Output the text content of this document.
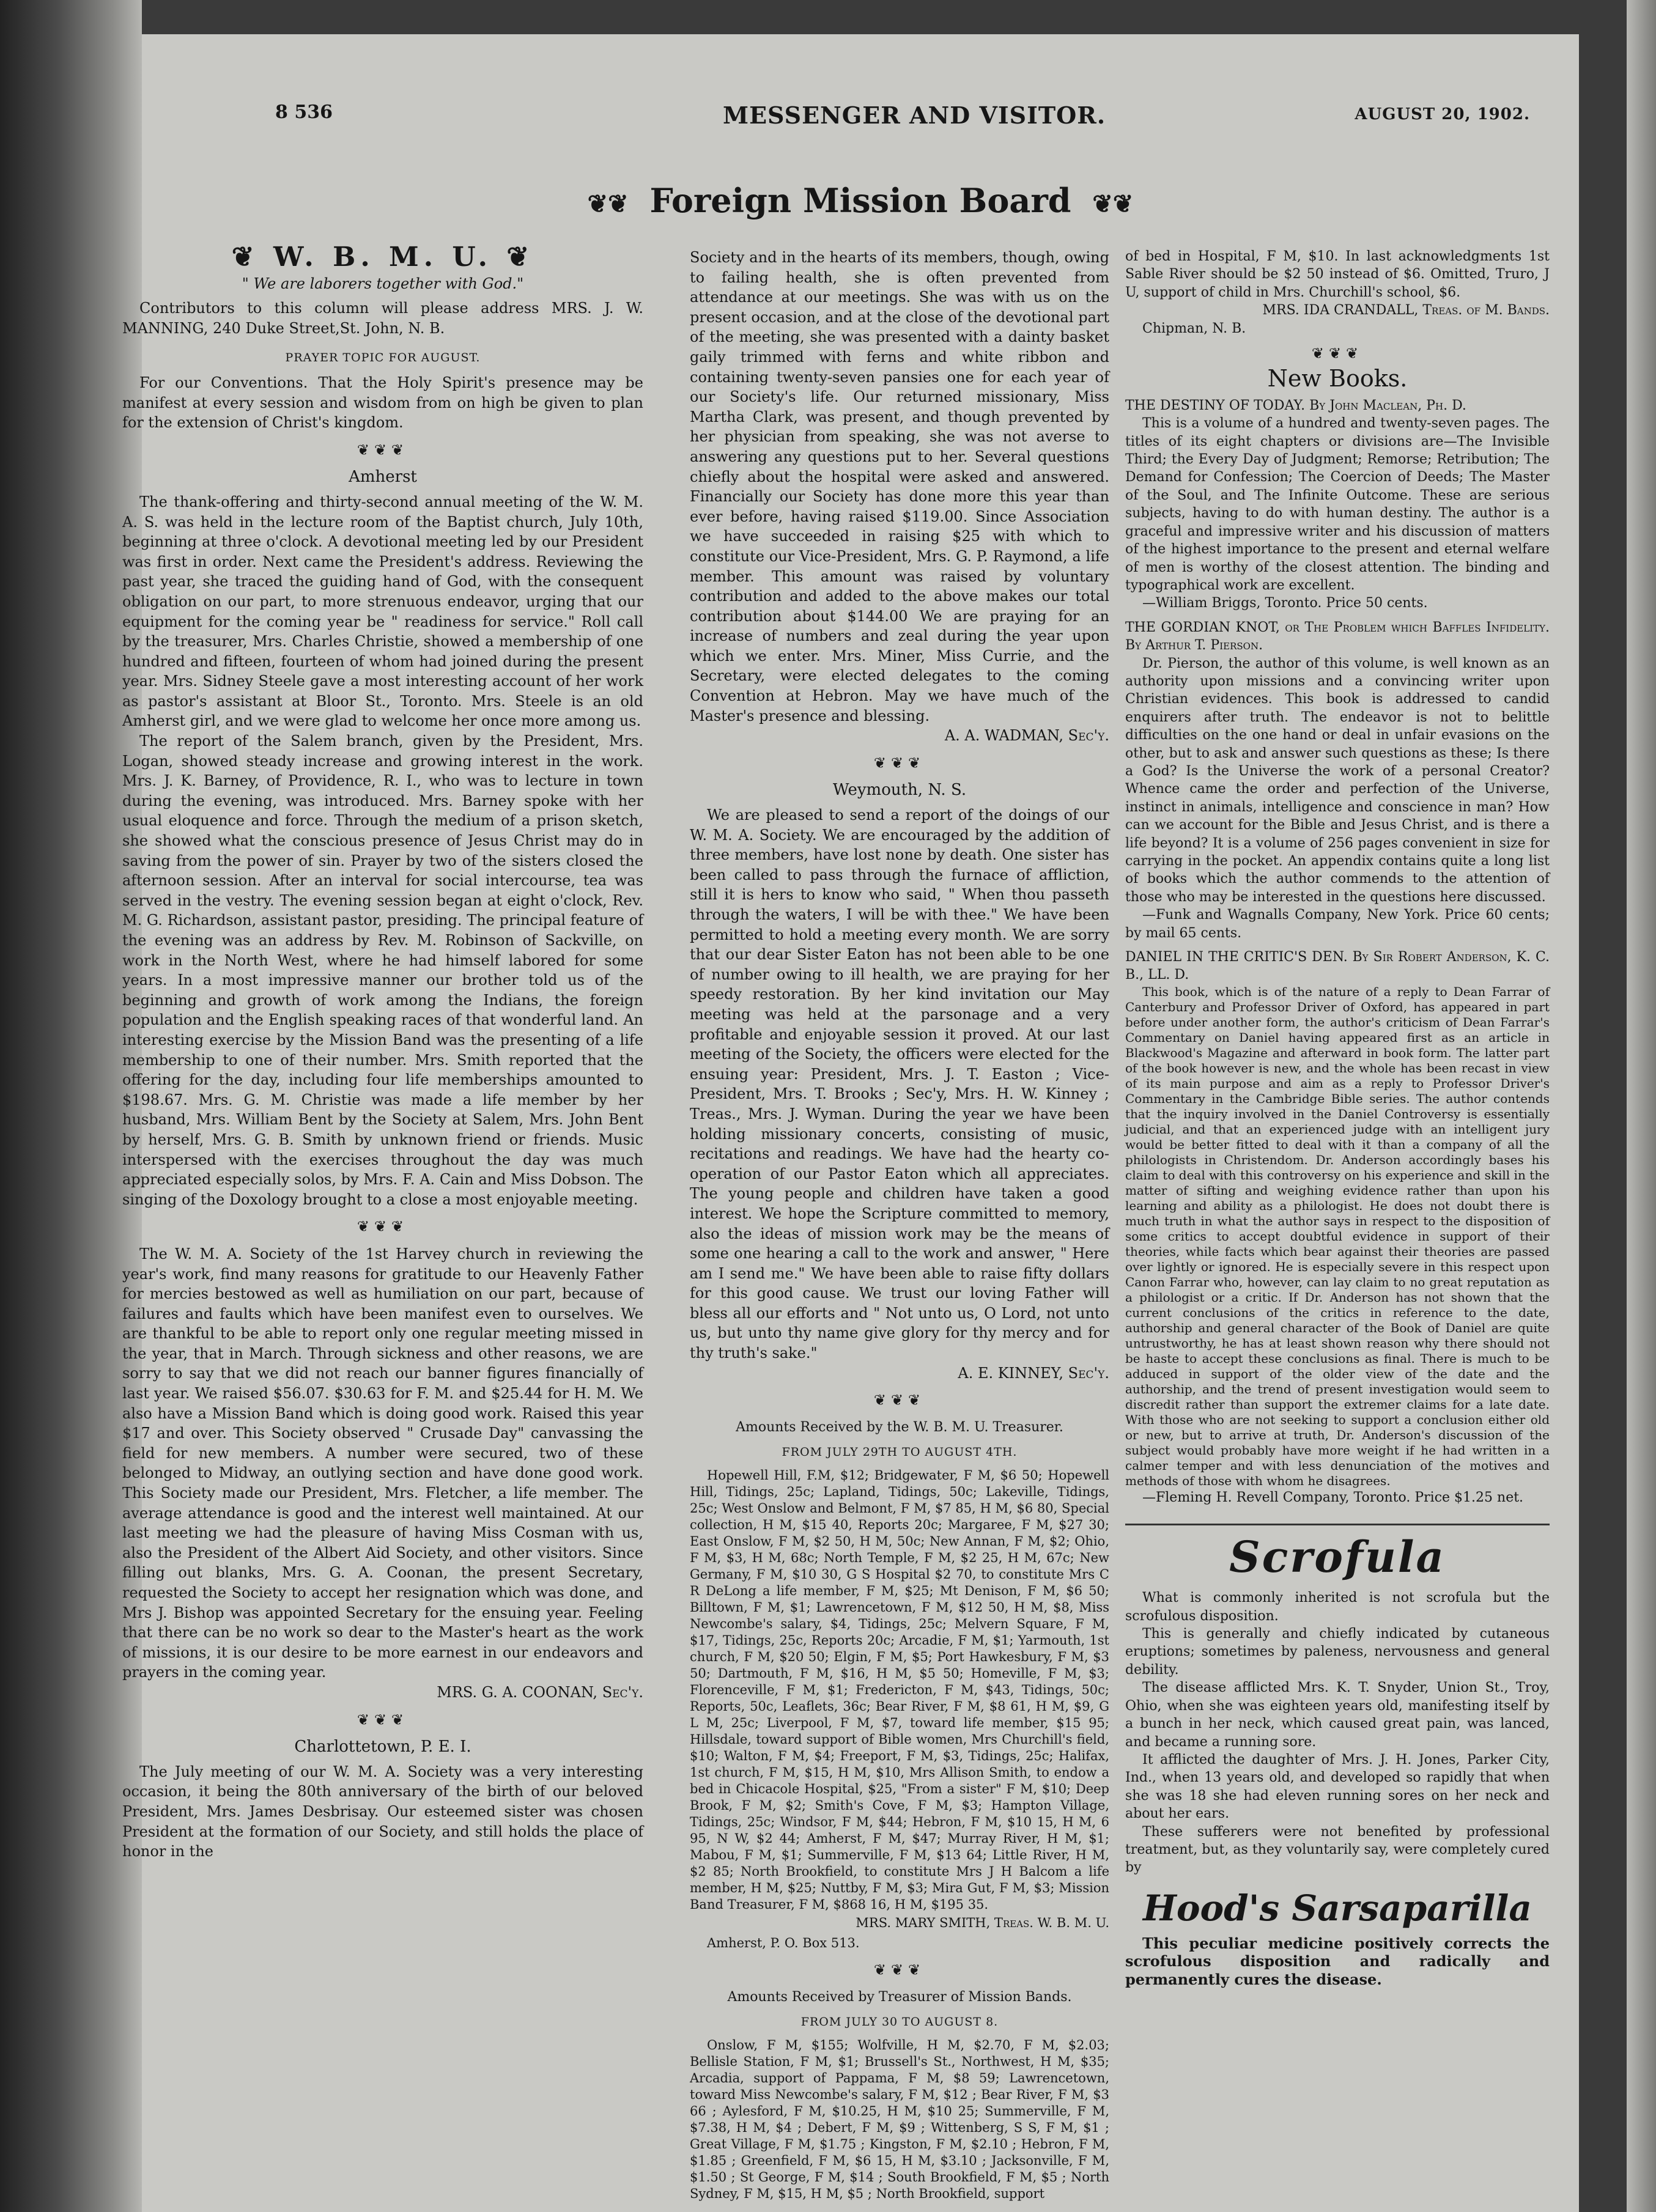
8 536	MESSENGER AND VISITOR.	AUGUST 20, 1902.
❦❦ Foreign Mission Board ❦❦
❦ W. B. M. U. ❦
" We are laborers together with God."

Contributors to this column will please address MRS. J. W. MANNING, 240 Duke Street,St. John, N. B.

PRAYER TOPIC FOR AUGUST.

For our Conventions. That the Holy Spirit's presence may be manifest at every session and wisdom from on high be given to plan for the extension of Christ's kingdom.

❦❦❦
Amherst

The thank-offering and thirty-second annual meeting of the W. M. A. S. was held in the lecture room of the Baptist church, July 10th, beginning at three o'clock. A devotional meeting led by our President was first in order. Next came the President's address. Reviewing the past year, she traced the guiding hand of God, with the consequent obligation on our part, to more strenuous endeavor, urging that our equipment for the coming year be " readiness for service." Roll call by the treasurer, Mrs. Charles Christie, showed a membership of one hundred and fifteen, fourteen of whom had joined during the present year. Mrs. Sidney Steele gave a most interesting account of her work as pastor's assistant at Bloor St., Toronto. Mrs. Steele is an old Amherst girl, and we were glad to welcome her once more among us.

The report of the Salem branch, given by the President, Mrs. Logan, showed steady increase and growing interest in the work. Mrs. J. K. Barney, of Providence, R. I., who was to lecture in town during the evening, was introduced. Mrs. Barney spoke with her usual eloquence and force. Through the medium of a prison sketch, she showed what the conscious presence of Jesus Christ may do in saving from the power of sin. Prayer by two of the sisters closed the afternoon session. After an interval for social intercourse, tea was served in the vestry. The evening session began at eight o'clock, Rev. M. G. Richardson, assistant pastor, presiding. The principal feature of the evening was an address by Rev. M. Robinson of Sackville, on work in the North West, where he had himself labored for some years. In a most impressive manner our brother told us of the beginning and growth of work among the Indians, the foreign population and the English speaking races of that wonderful land. An interesting exercise by the Mission Band was the presenting of a life membership to one of their number. Mrs. Smith reported that the offering for the day, including four life memberships amounted to $198.67. Mrs. G. M. Christie was made a life member by her husband, Mrs. William Bent by the Society at Salem, Mrs. John Bent by herself, Mrs. G. B. Smith by unknown friend or friends. Music interspersed with the exercises throughout the day was much appreciated especially solos, by Mrs. F. A. Cain and Miss Dobson. The singing of the Doxology brought to a close a most enjoyable meeting.

❦❦❦

The W. M. A. Society of the 1st Harvey church in reviewing the year's work, find many reasons for gratitude to our Heavenly Father for mercies bestowed as well as humiliation on our part, because of failures and faults which have been manifest even to ourselves. We are thankful to be able to report only one regular meeting missed in the year, that in March. Through sickness and other reasons, we are sorry to say that we did not reach our banner figures financially of last year. We raised $56.07. $30.63 for F. M. and $25.44 for H. M. We also have a Mission Band which is doing good work. Raised this year $17 and over. This Society observed " Crusade Day" canvassing the field for new members. A number were secured, two of these belonged to Midway, an outlying section and have done good work. This Society made our President, Mrs. Fletcher, a life member. The average attendance is good and the interest well maintained. At our last meeting we had the pleasure of having Miss Cosman with us, also the President of the Albert Aid Society, and other visitors. Since filling out blanks, Mrs. G. A. Coonan, the present Secretary, requested the Society to accept her resignation which was done, and Mrs J. Bishop was appointed Secretary for the ensuing year. Feeling that there can be no work so dear to the Master's heart as the work of missions, it is our desire to be more earnest in our endeavors and prayers in the coming year.

MRS. G. A. COONAN, Sec'y.

❦❦❦
Charlottetown, P. E. I.

The July meeting of our W. M. A. Society was a very interesting occasion, it being the 80th anniversary of the birth of our beloved President, Mrs. James Desbrisay. Our esteemed sister was chosen President at the formation of our Society, and still holds the place of honor in the

Society and in the hearts of its members, though, owing to failing health, she is often prevented from attendance at our meetings. She was with us on the present occasion, and at the close of the devotional part of the meeting, she was presented with a dainty basket gaily trimmed with ferns and white ribbon and containing twenty-seven pansies one for each year of our Society's life. Our returned missionary, Miss Martha Clark, was present, and though prevented by her physician from speaking, she was not averse to answering any questions put to her. Several questions chiefly about the hospital were asked and answered. Financially our Society has done more this year than ever before, having raised $119.00. Since Association we have succeeded in raising $25 with which to constitute our Vice-President, Mrs. G. P. Raymond, a life member. This amount was raised by voluntary contribution and added to the above makes our total contribution about $144.00 We are praying for an increase of numbers and zeal during the year upon which we enter. Mrs. Miner, Miss Currie, and the Secretary, were elected delegates to the coming Convention at Hebron. May we have much of the Master's presence and blessing.

A. A. WADMAN, Sec'y.

❦❦❦
Weymouth, N. S.

We are pleased to send a report of the doings of our W. M. A. Society. We are encouraged by the addition of three members, have lost none by death. One sister has been called to pass through the furnace of affliction, still it is hers to know who said, " When thou passeth through the waters, I will be with thee." We have been permitted to hold a meeting every month. We are sorry that our dear Sister Eaton has not been able to be one of number owing to ill health, we are praying for her speedy restoration. By her kind invitation our May meeting was held at the parsonage and a very profitable and enjoyable session it proved. At our last meeting of the Society, the officers were elected for the ensuing year: President, Mrs. J. T. Easton ; Vice-President, Mrs. T. Brooks ; Sec'y, Mrs. H. W. Kinney ; Treas., Mrs. J. Wyman. During the year we have been holding missionary concerts, consisting of music, recitations and readings. We have had the hearty co-operation of our Pastor Eaton which all appreciates. The young people and children have taken a good interest. We hope the Scripture committed to memory, also the ideas of mission work may be the means of some one hearing a call to the work and answer, " Here am I send me." We have been able to raise fifty dollars for this good cause. We trust our loving Father will bless all our efforts and " Not unto us, O Lord, not unto us, but unto thy name give glory for thy mercy and for thy truth's sake."

A. E. KINNEY, Sec'y.

❦❦❦
Amounts Received by the W. B. M. U. Treasurer.
FROM JULY 29TH TO AUGUST 4TH.

Hopewell Hill, F.M, $12; Bridgewater, F M, $6 50; Hopewell Hill, Tidings, 25c; Lapland, Tidings, 50c; Lakeville, Tidings, 25c; West Onslow and Belmont, F M, $7 85, H M, $6 80, Special collection, H M, $15 40, Reports 20c; Margaree, F M, $27 30; East Onslow, F M, $2 50, H M, 50c; New Annan, F M, $2; Ohio, F M, $3, H M, 68c; North Temple, F M, $2 25, H M, 67c; New Germany, F M, $10 30, G S Hospital $2 70, to constitute Mrs C R DeLong a life member, F M, $25; Mt Denison, F M, $6 50; Billtown, F M, $1; Lawrencetown, F M, $12 50, H M, $8, Miss Newcombe's salary, $4, Tidings, 25c; Melvern Square, F M, $17, Tidings, 25c, Reports 20c; Arcadie, F M, $1; Yarmouth, 1st church, F M, $20 50; Elgin, F M, $5; Port Hawkesbury, F M, $3 50; Dartmouth, F M, $16, H M, $5 50; Homeville, F M, $3; Florenceville, F M, $1; Fredericton, F M, $43, Tidings, 50c; Reports, 50c, Leaflets, 36c; Bear River, F M, $8 61, H M, $9, G L M, 25c; Liverpool, F M, $7, toward life member, $15 95; Hillsdale, toward support of Bible women, Mrs Churchill's field, $10; Walton, F M, $4; Freeport, F M, $3, Tidings, 25c; Halifax, 1st church, F M, $15, H M, $10, Mrs Allison Smith, to endow a bed in Chicacole Hospital, $25, "From a sister" F M, $10; Deep Brook, F M, $2; Smith's Cove, F M, $3; Hampton Village, Tidings, 25c; Windsor, F M, $44; Hebron, F M, $10 15, H M, 6 95, N W, $2 44; Amherst, F M, $47; Murray River, H M, $1; Mabou, F M, $1; Summerville, F M, $13 64; Little River, H M, $2 85; North Brookfield, to constitute Mrs J H Balcom a life member, H M, $25; Nuttby, F M, $3; Mira Gut, F M, $3; Mission Band Treasurer, F M, $868 16, H M, $195 35.

MRS. MARY SMITH, Treas. W. B. M. U.

Amherst, P. O. Box 513.

❦❦❦
Amounts Received by Treasurer of Mission Bands.
FROM JULY 30 TO AUGUST 8.

Onslow, F M, $155; Wolfville, H M, $2.70, F M, $2.03; Bellisle Station, F M, $1; Brussell's St., Northwest, H M, $35; Arcadia, support of Pappama, F M, $8 59; Lawrencetown, toward Miss Newcombe's salary, F M, $12 ; Bear River, F M, $3 66 ; Aylesford, F M, $10.25, H M, $10 25; Summerville, F M, $7.38, H M, $4 ; Debert, F M, $9 ; Wittenberg, S S, F M, $1 ; Great Village, F M, $1.75 ; Kingston, F M, $2.10 ; Hebron, F M, $1.85 ; Greenfield, F M, $6 15, H M, $3.10 ; Jacksonville, F M, $1.50 ; St George, F M, $14 ; South Brookfield, F M, $5 ; North Sydney, F M, $15, H M, $5 ; North Brookfield, support

of bed in Hospital, F M, $10. In last acknowledgments 1st Sable River should be $2 50 instead of $6. Omitted, Truro, J U, support of child in Mrs. Churchill's school, $6.

MRS. IDA CRANDALL, Treas. of M. Bands.

Chipman, N. B.

❦❦❦
New Books.

THE DESTINY OF TODAY. By John Maclean, Ph. D.

This is a volume of a hundred and twenty-seven pages. The titles of its eight chapters or divisions are—The Invisible Third; the Every Day of Judgment; Remorse; Retribution; The Demand for Confession; The Coercion of Deeds; The Master of the Soul, and The Infinite Outcome. These are serious subjects, having to do with human destiny. The author is a graceful and impressive writer and his discussion of matters of the highest importance to the present and eternal welfare of men is worthy of the closest attention. The binding and typographical work are excellent.

—William Briggs, Toronto. Price 50 cents.

THE GORDIAN KNOT, or The Problem which Baffles Infidelity. By Arthur T. Pierson.

Dr. Pierson, the author of this volume, is well known as an authority upon missions and a convincing writer upon Christian evidences. This book is addressed to candid enquirers after truth. The endeavor is not to belittle difficulties on the one hand or deal in unfair evasions on the other, but to ask and answer such questions as these; Is there a God? Is the Universe the work of a personal Creator? Whence came the order and perfection of the Universe, instinct in animals, intelligence and conscience in man? How can we account for the Bible and Jesus Christ, and is there a life beyond? It is a volume of 256 pages convenient in size for carrying in the pocket. An appendix contains quite a long list of books which the author commends to the attention of those who may be interested in the questions here discussed.

—Funk and Wagnalls Company, New York. Price 60 cents; by mail 65 cents.

DANIEL IN THE CRITIC'S DEN. By Sir Robert Anderson, K. C. B., LL. D.

This book, which is of the nature of a reply to Dean Farrar of Canterbury and Professor Driver of Oxford, has appeared in part before under another form, the author's criticism of Dean Farrar's Commentary on Daniel having appeared first as an article in Blackwood's Magazine and afterward in book form. The latter part of the book however is new, and the whole has been recast in view of its main purpose and aim as a reply to Professor Driver's Commentary in the Cambridge Bible series. The author contends that the inquiry involved in the Daniel Controversy is essentially judicial, and that an experienced judge with an intelligent jury would be better fitted to deal with it than a company of all the philologists in Christendom. Dr. Anderson accordingly bases his claim to deal with this controversy on his experience and skill in the matter of sifting and weighing evidence rather than upon his learning and ability as a philologist. He does not doubt there is much truth in what the author says in respect to the disposition of some critics to accept doubtful evidence in support of their theories, while facts which bear against their theories are passed over lightly or ignored. He is especially severe in this respect upon Canon Farrar who, however, can lay claim to no great reputation as a philologist or a critic. If Dr. Anderson has not shown that the current conclusions of the critics in reference to the date, authorship and general character of the Book of Daniel are quite untrustworthy, he has at least shown reason why there should not be haste to accept these conclusions as final. There is much to be adduced in support of the older view of the date and the authorship, and the trend of present investigation would seem to discredit rather than support the extremer claims for a late date. With those who are not seeking to support a conclusion either old or new, but to arrive at truth, Dr. Anderson's discussion of the subject would probably have more weight if he had written in a calmer temper and with less denunciation of the motives and methods of those with whom he disagrees.

—Fleming H. Revell Company, Toronto. Price $1.25 net.

Scrofula

What is commonly inherited is not scrofula but the scrofulous disposition.

This is generally and chiefly indicated by cutaneous eruptions; sometimes by paleness, nervousness and general debility.

The disease afflicted Mrs. K. T. Snyder, Union St., Troy, Ohio, when she was eighteen years old, manifesting itself by a bunch in her neck, which caused great pain, was lanced, and became a running sore.

It afflicted the daughter of Mrs. J. H. Jones, Parker City, Ind., when 13 years old, and developed so rapidly that when she was 18 she had eleven running sores on her neck and about her ears.

These sufferers were not benefited by professional treatment, but, as they voluntarily say, were completely cured by

Hood's Sarsaparilla

This peculiar medicine positively corrects the scrofulous disposition and radically and permanently cures the disease.
